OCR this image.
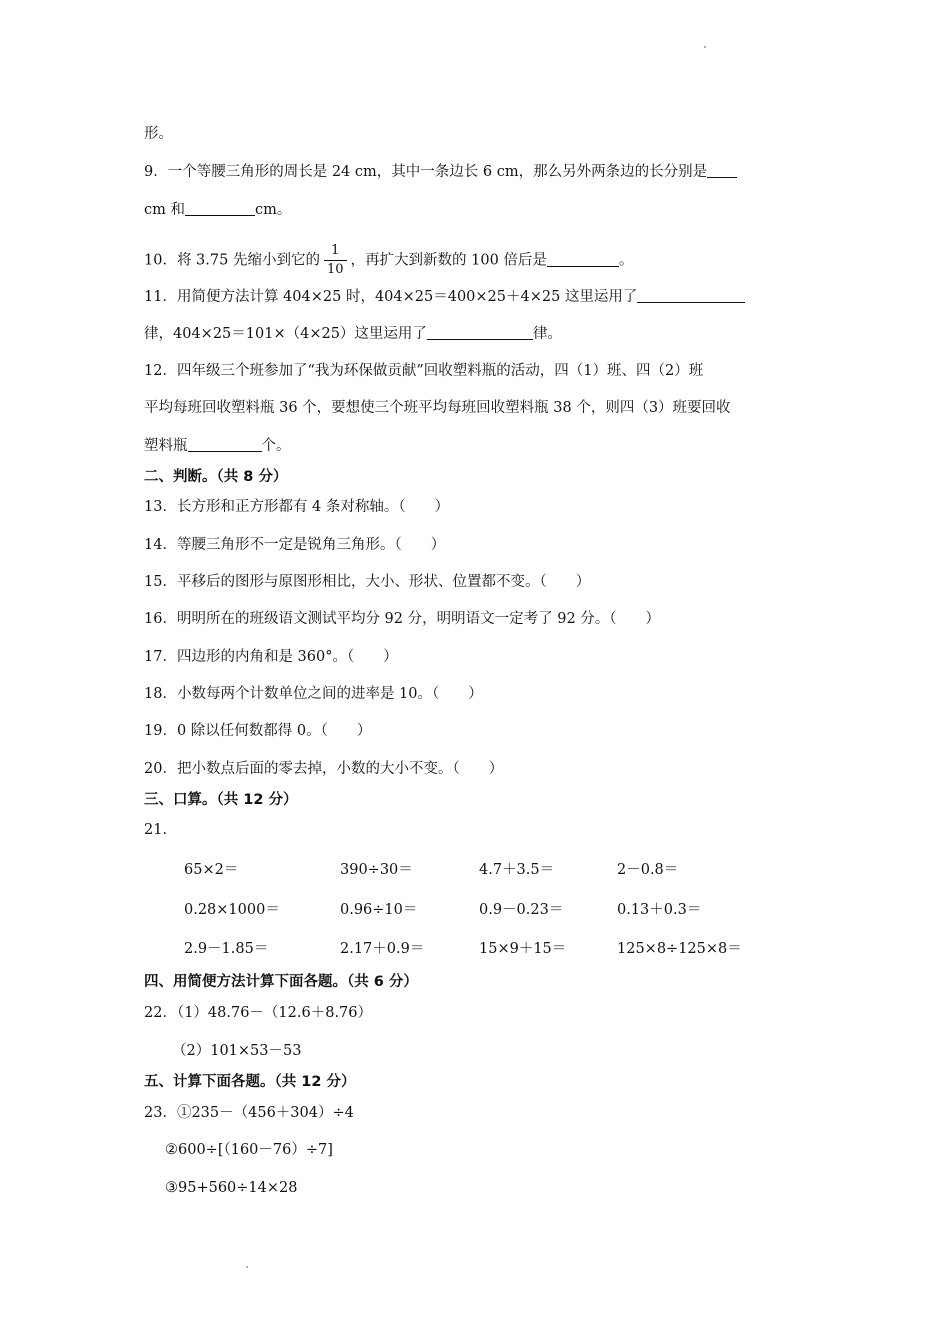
形。
9．一个等腰三角形的周长是 24 cm，其中一条边长 6 cm，那么另外两条边的长分别是
cm 和	cm。
10．将 3.75 先缩小到它的 $\frac{1}{10}$ ，再扩大到新数的 100 倍后是	。
11．用简便方法计算 404×25 时，404×25＝400×25＋4×25 这里运用了
律，404×25＝101×（4×25）这里运用了	律。
12．四年级三个班参加了“我为环保做贡献”回收塑料瓶的活动，四（1）班、四（2）班
平均每班回收塑料瓶 36 个，要想使三个班平均每班回收塑料瓶 38 个，则四（3）班要回收
塑料瓶	个。
二、判断。（共 8 分）
13．长方形和正方形都有 4 条对称轴。（　　）
14．等腰三角形不一定是锐角三角形。（　　）
15．平移后的图形与原图形相比，大小、形状、位置都不变。（　　）
16．明明所在的班级语文测试平均分 92 分，明明语文一定考了 92 分。（　　）
17．四边形的内角和是 360°。（　　）
18．小数每两个计数单位之间的进率是 10。（　　）
19．0 除以任何数都得 0。（　　）
20．把小数点后面的零去掉，小数的大小不变。（　　）
三、口算。（共 12 分）
21．
65×2＝	390÷30＝	4.7＋3.5＝	2－0.8＝
0.28×1000＝	0.96÷10＝	0.9－0.23＝	0.13＋0.3＝
2.9－1.85＝	2.17＋0.9＝	15×9＋15＝	125×8÷125×8＝
四、用简便方法计算下面各题。（共 6 分）
22．（1）48.76－（12.6＋8.76）
（2）101×53－53
五、计算下面各题。（共 12 分）
23．①235－（456＋304）÷4
②600÷[（160－76）÷7]
③95+560÷14×28
